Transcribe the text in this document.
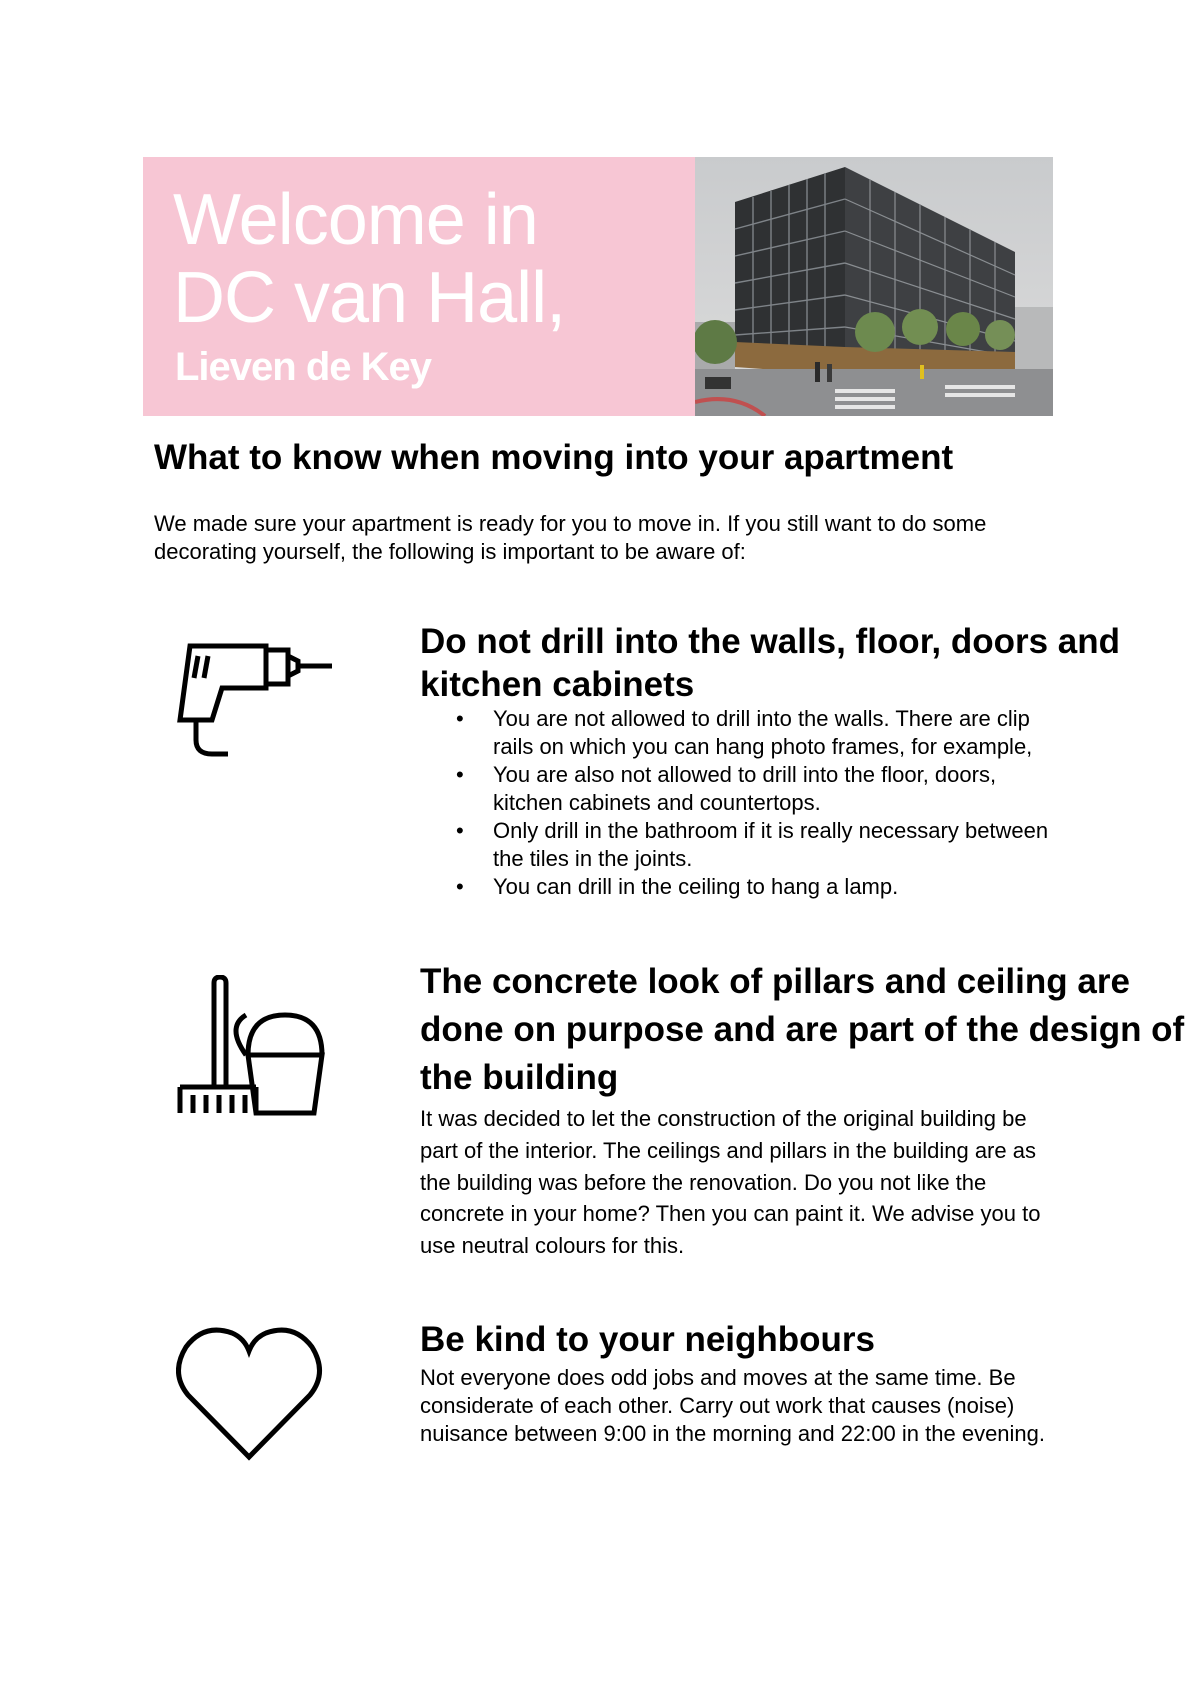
Welcome in
DC van Hall,

Lieven de Key

What to know when moving into your apartment

We made sure your apartment is ready for you to move in. If you still want to do some decorating yourself, the following is important to be aware of:

Do not drill into the walls, floor, doors and kitchen cabinets
• You are not allowed to drill into the walls. There are clip rails on which you can hang photo frames, for example,
• You are also not allowed to drill into the floor, doors, kitchen cabinets and countertops.
• Only drill in the bathroom if it is really necessary between the tiles in the joints.
• You can drill in the ceiling to hang a lamp.
The concrete look of pillars and ceiling are done on purpose and are part of the design of the building

It was decided to let the construction of the original building be part of the interior. The ceilings and pillars in the building are as the building was before the renovation. Do you not like the concrete in your home? Then you can paint it. We advise you to use neutral colours for this.

Be kind to your neighbours

Not everyone does odd jobs and moves at the same time. Be considerate of each other. Carry out work that causes (noise) nuisance between 9:00 in the morning and 22:00 in the evening.
